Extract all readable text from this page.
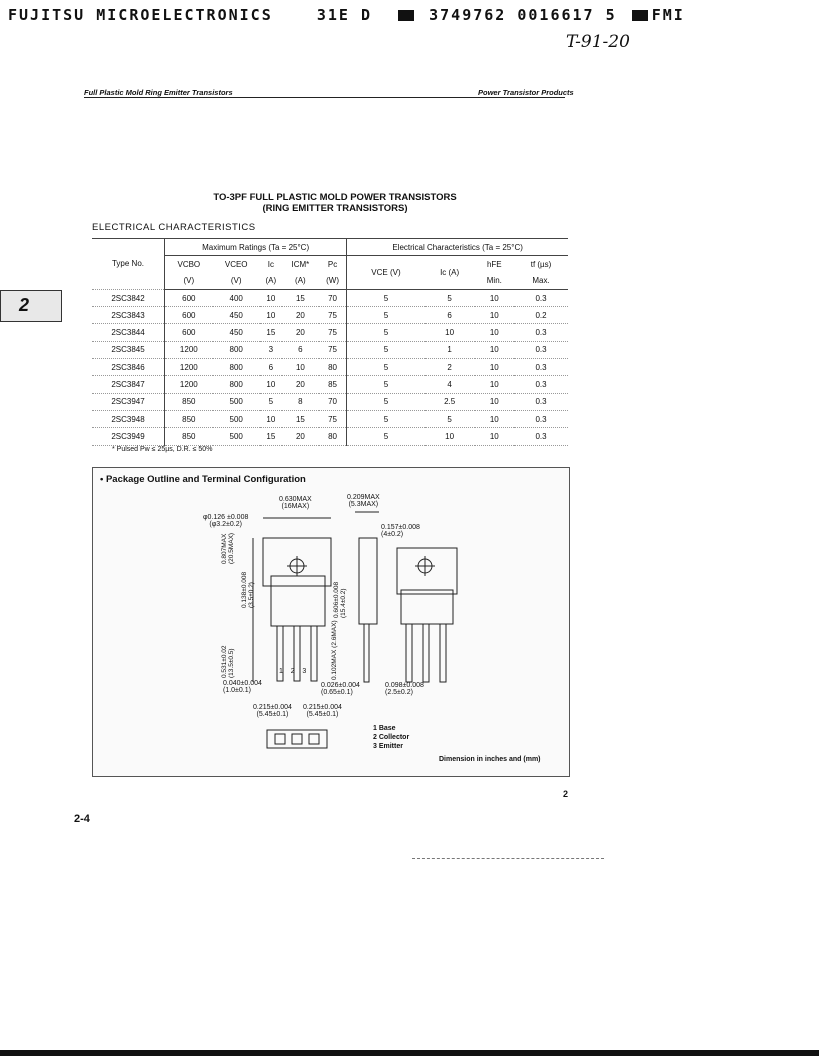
FUJITSU MICROELECTRONICS	31E D	3749762 0016617 5 FMI
T-91-20
Full Plastic Mold Ring Emitter Transistors	Power Transistor Products
TO-3PF FULL PLASTIC MOLD POWER TRANSISTORS
(RING EMITTER TRANSISTORS)
ELECTRICAL CHARACTERISTICS
2
Type No.	Maximum Ratings (Ta = 25°C)					Electrical Characteristics (Ta = 25°C)			
	VCBO	VCEO	Ic	ICM*	Pc	VCE (V)	Ic (A)	hFE	tf (µs)
	(V)	(V)	(A)	(A)	(W)			Min.	Max.
2SC3842	600	400	10	15	70	5	5	10	0.3
2SC3843	600	450	10	20	75	5	6	10	0.2
2SC3844	600	450	15	20	75	5	10	10	0.3
2SC3845	1200	800	3	6	75	5	1	10	0.3
2SC3846	1200	800	6	10	80	5	2	10	0.3
2SC3847	1200	800	10	20	85	5	4	10	0.3
2SC3947	850	500	5	8	70	5	2.5	10	0.3
2SC3948	850	500	10	15	75	5	5	10	0.3
2SC3949	850	500	15	20	80	5	10	10	0.3
* Pulsed Pw ≤ 25µs, D.R. ≤ 50%
0.630MAX
(16MAX)
0.209MAX
(5.3MAX)
φ0.126 ±0.008
(φ3.2±0.2)	0.157±0.008
(4±0.2)
0.807MAX (20.5MAX)
0.138±0.008 (3.5±0.2)	0.606±0.008 (15.4±0.2)
0.531±0.02 (13.5±0.5)	0.102MAX (2.6MAX)
1 2 3
0.040±0.004
(1.0±0.1)
0.026±0.004
(0.65±0.1)
0.098±0.008
(2.5±0.2)
0.215±0.004
(5.45±0.1)
0.215±0.004
(5.45±0.1)
1 Base
2 Collector
3 Emitter
Dimension in inches and (mm)
• Package Outline and Terminal Configuration
2
2-4
